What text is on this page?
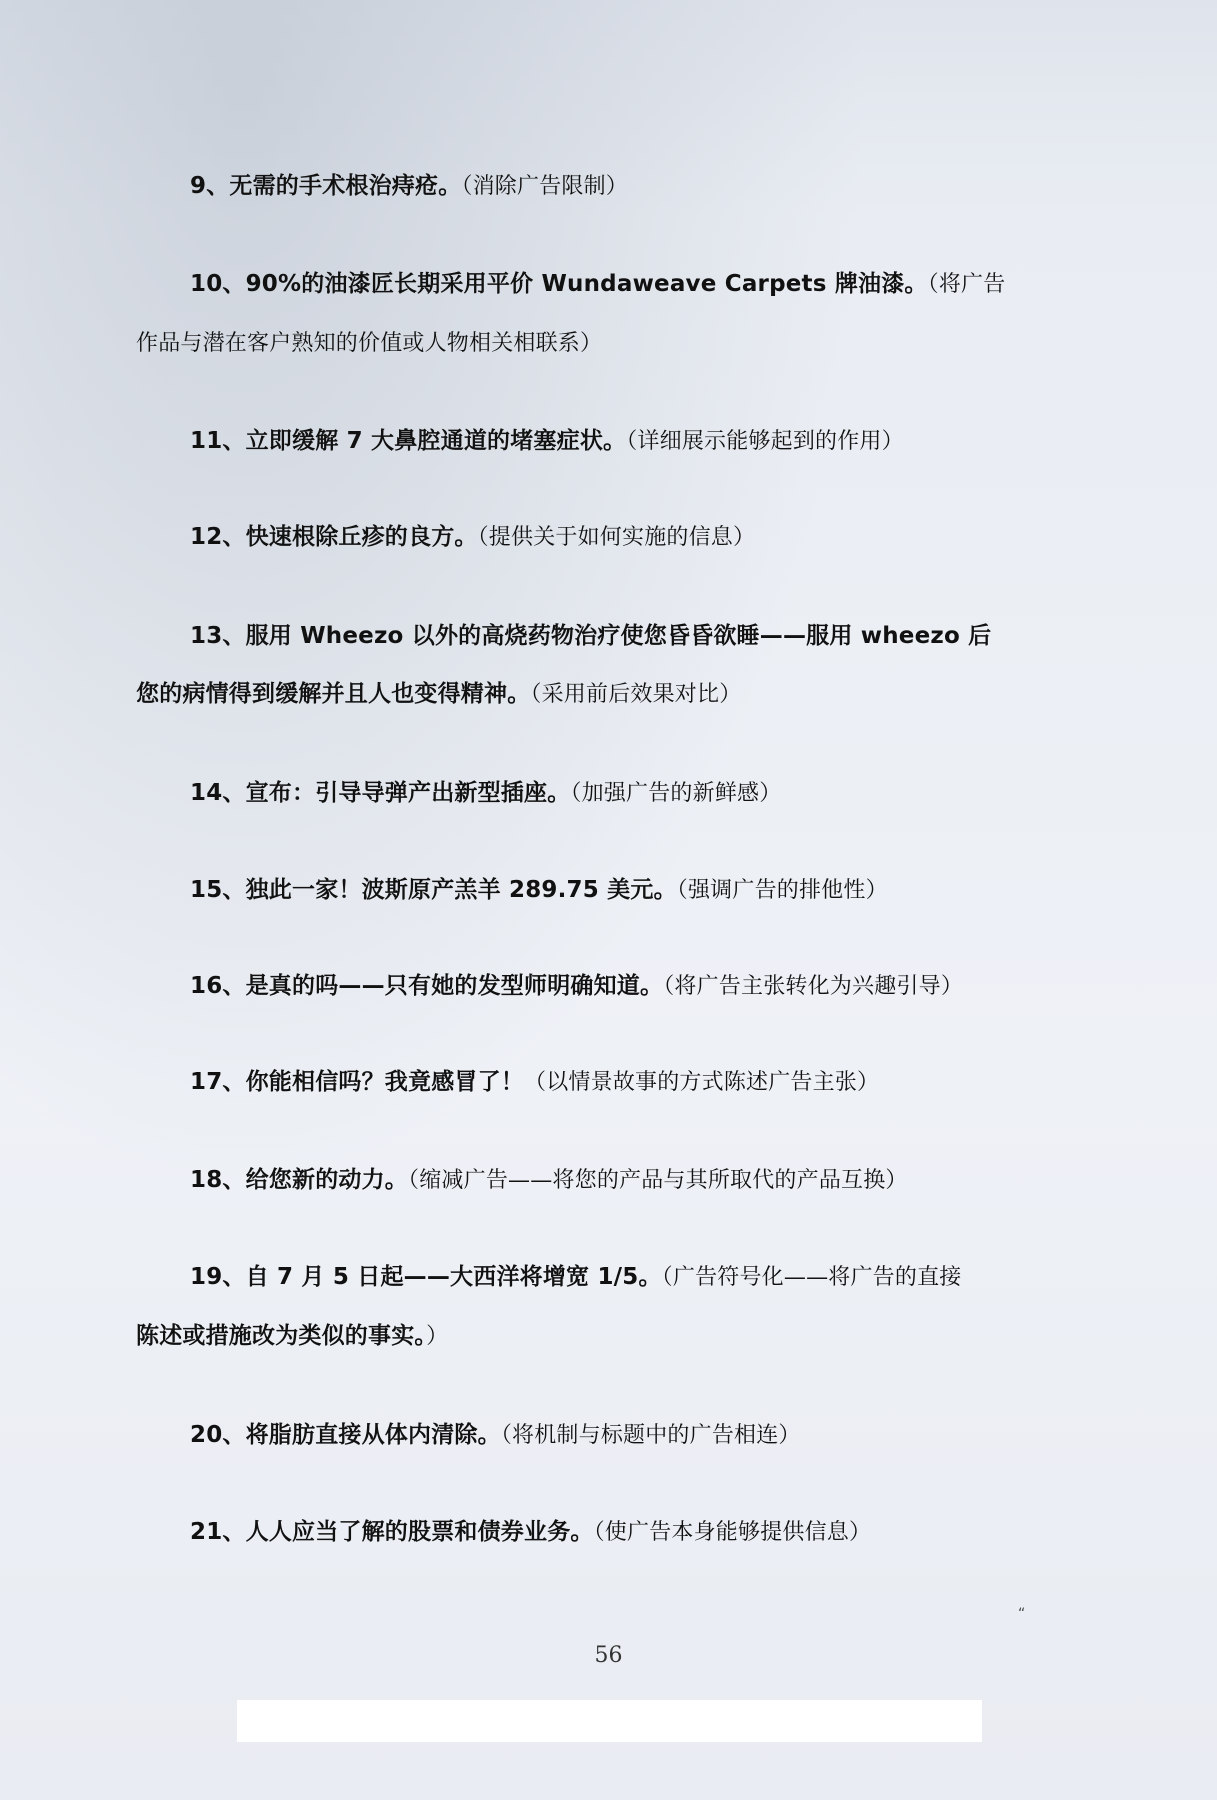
9、无需的手术根治痔疮。（消除广告限制）
10、90%的油漆匠长期采用平价 Wundaweave Carpets 牌油漆。（将广告
作品与潜在客户熟知的价值或人物相关相联系）
11、立即缓解 7 大鼻腔通道的堵塞症状。（详细展示能够起到的作用）
12、快速根除丘疹的良方。（提供关于如何实施的信息）
13、服用 Wheezo 以外的高烧药物治疗使您昏昏欲睡——服用 wheezo 后
您的病情得到缓解并且人也变得精神。（采用前后效果对比）
14、宣布：引导导弹产出新型插座。（加强广告的新鲜感）
15、独此一家！波斯原产羔羊 289.75 美元。（强调广告的排他性）
16、是真的吗——只有她的发型师明确知道。（将广告主张转化为兴趣引导）
17、你能相信吗？我竟感冒了！（以情景故事的方式陈述广告主张）
18、给您新的动力。（缩减广告——将您的产品与其所取代的产品互换）
19、自 7 月 5 日起——大西洋将增宽 1/5。（广告符号化——将广告的直接
陈述或措施改为类似的事实。）
20、将脂肪直接从体内清除。（将机制与标题中的广告相连）
21、人人应当了解的股票和债券业务。（使广告本身能够提供信息）
“
56
